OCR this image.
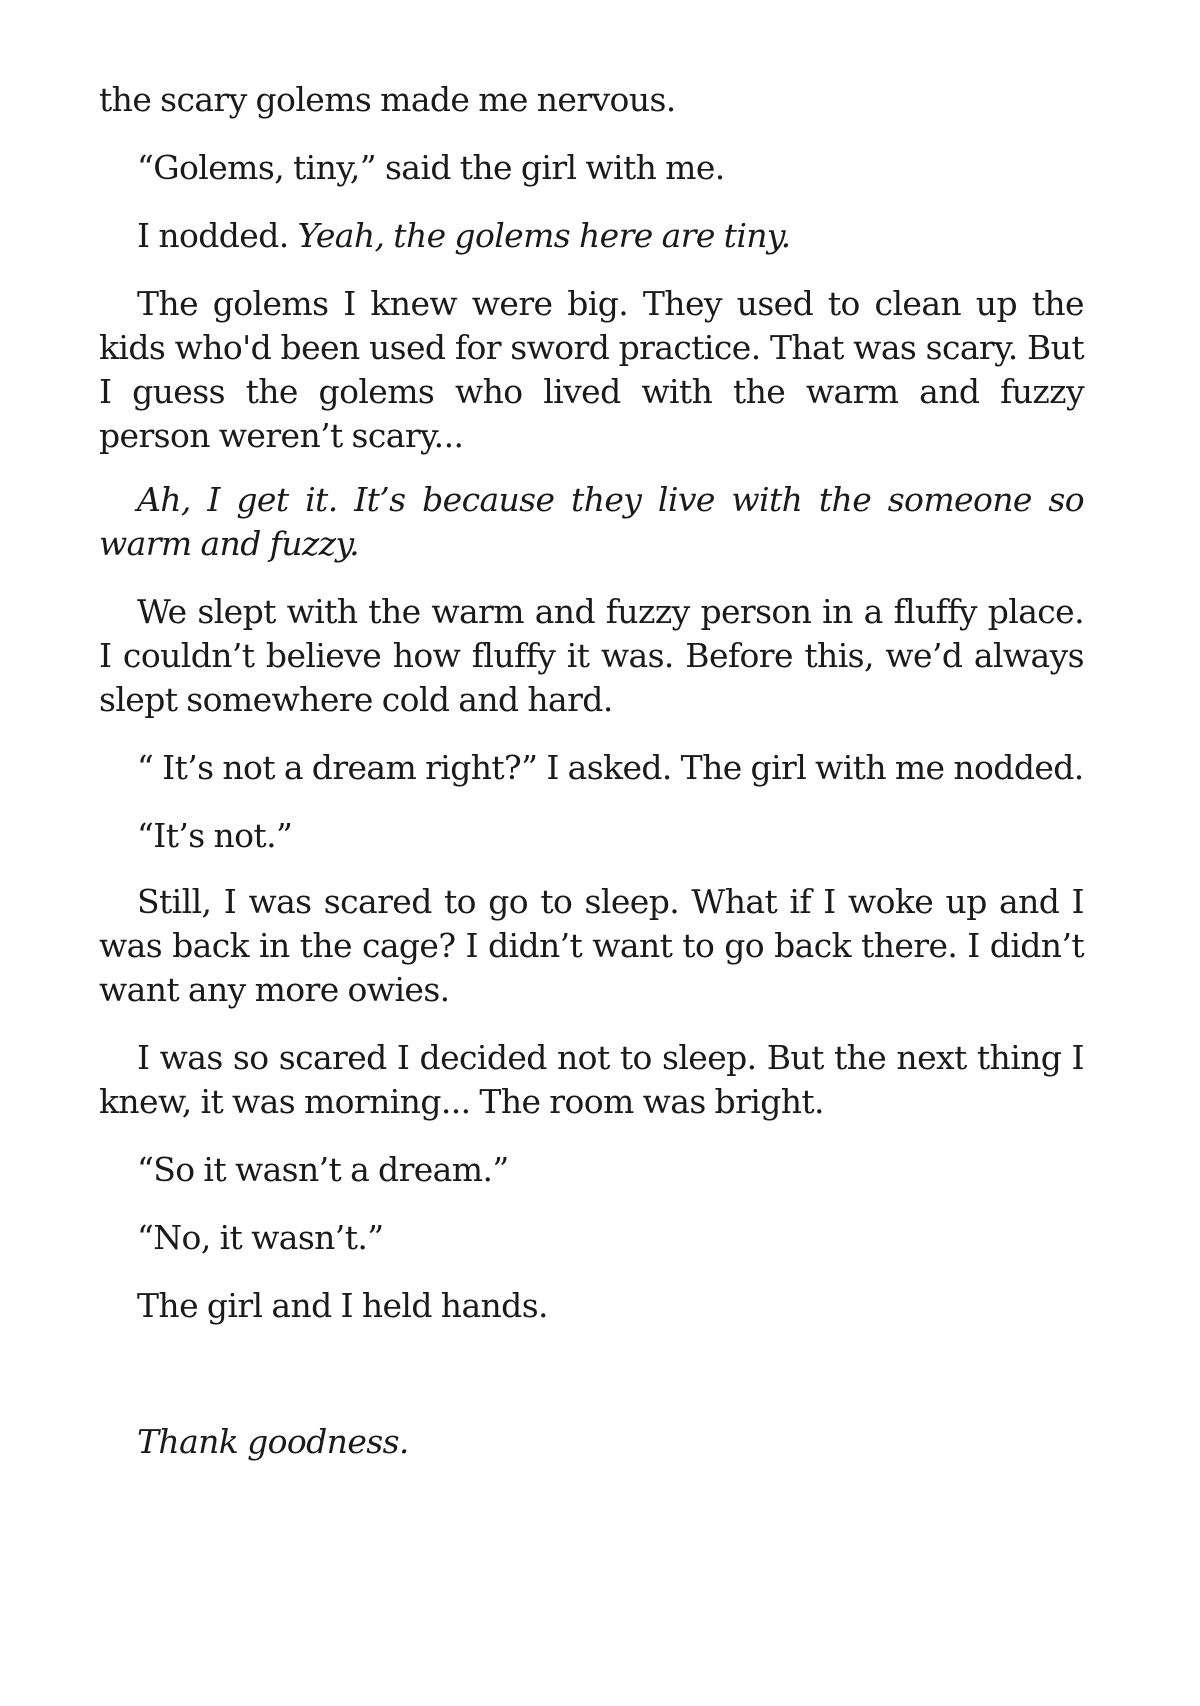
the scary golems made me nervous.

“Golems, tiny,” said the girl with me.

I nodded. Yeah, the golems here are tiny.

The golems I knew were big. They used to clean up the kids who'd been used for sword practice. That was scary. But I guess the golems who lived with the warm and fuzzy person weren’t scary...

Ah, I get it. It’s because they live with the someone so warm and fuzzy.

We slept with the warm and fuzzy person in a fluffy place. I couldn’t believe how fluffy it was. Before this, we’d always slept somewhere cold and hard.

“ It’s not a dream right?” I asked. The girl with me nodded.

“It’s not.”

Still, I was scared to go to sleep. What if I woke up and I was back in the cage? I didn’t want to go back there. I didn’t want any more owies.

I was so scared I decided not to sleep. But the next thing I knew, it was morning... The room was bright.

“So it wasn’t a dream.”

“No, it wasn’t.”

The girl and I held hands.

Thank goodness.
